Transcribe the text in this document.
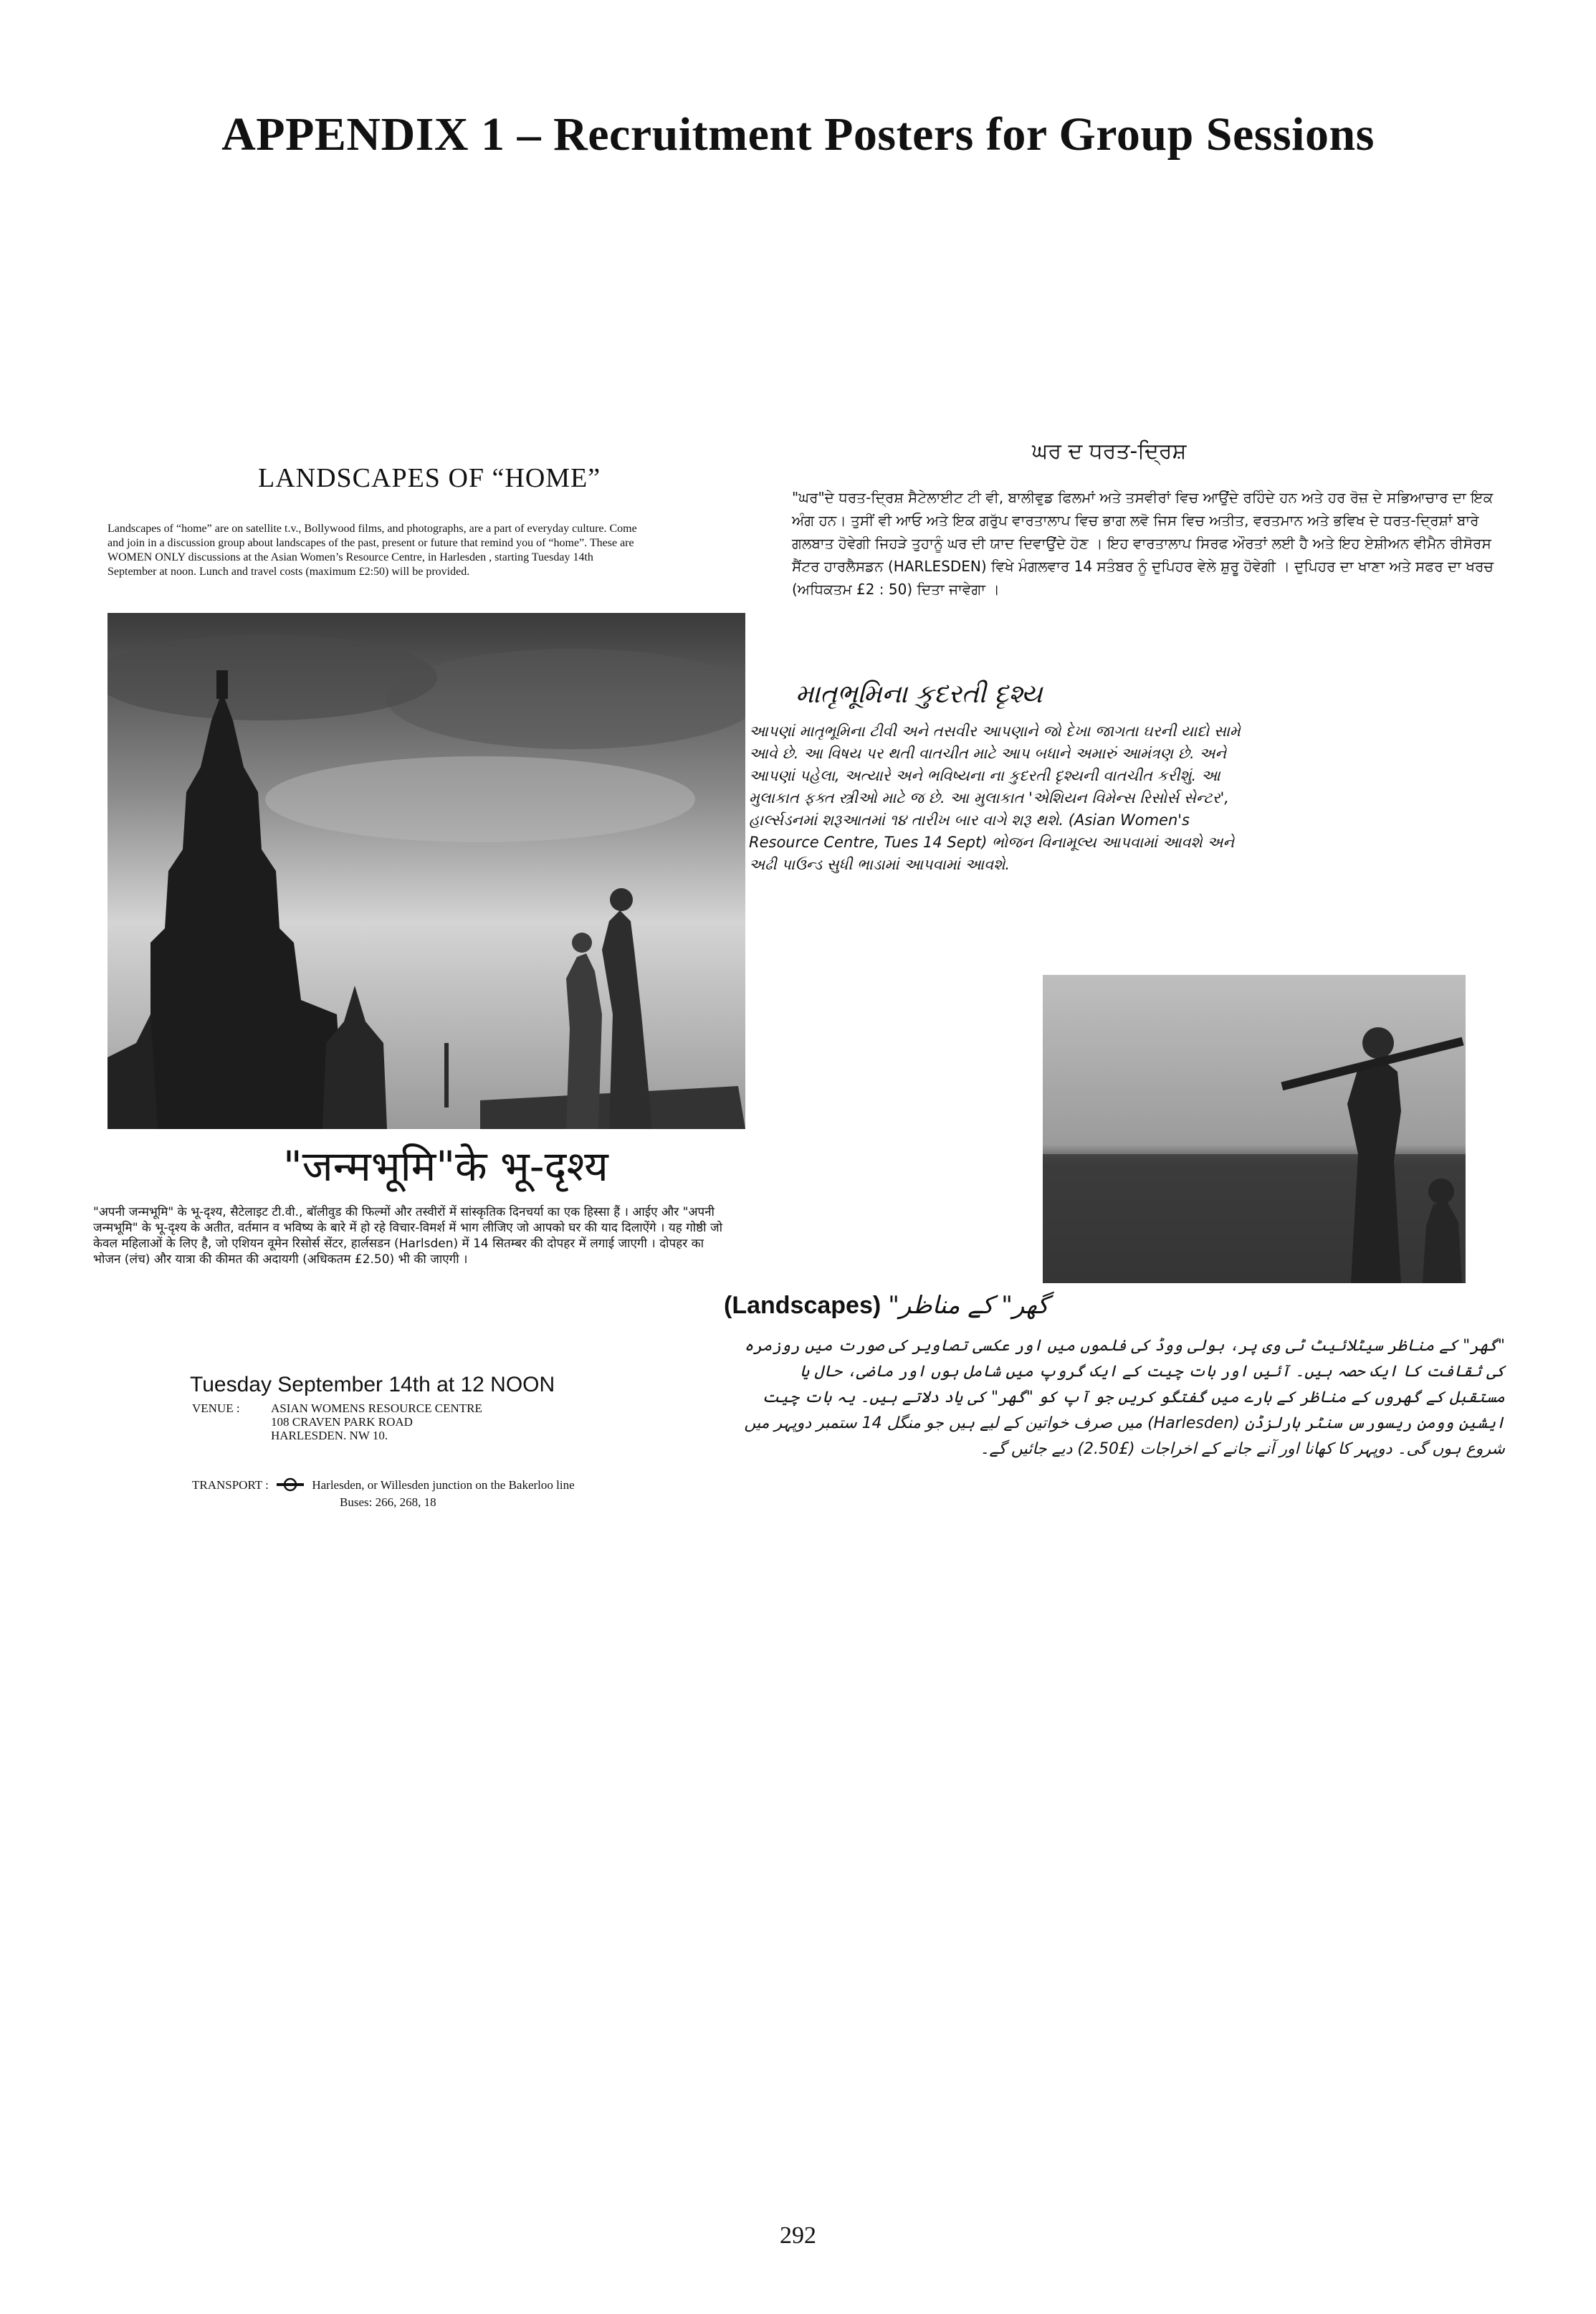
APPENDIX 1 – Recruitment Posters for Group Sessions
LANDSCAPES OF “HOME”
Landscapes of “home” are on satellite t.v., Bollywood films, and photographs, are a part of everyday culture. Come and join in a discussion group about landscapes of the past, present or future that remind you of “home”. These are WOMEN ONLY discussions at the Asian Women’s Resource Centre, in Harlesden , starting Tuesday 14th September at noon. Lunch and travel costs (maximum £2:50) will be provided.
"जन्मभूमि"के भू-दृश्य
"अपनी जन्मभूमि" के भू-दृश्य, सैटेलाइट टी.वी., बॉलीवुड की फिल्मों और तस्वीरों में सांस्कृतिक दिनचर्या का एक हिस्सा हैं । आईए और "अपनी जन्मभूमि" के भू-दृश्य के अतीत, वर्तमान व भविष्य के बारे में हो रहे विचार-विमर्श में भाग लीजिए जो आपको घर की याद दिलाऐंगे । यह गोष्ठी जो केवल महिलाओं के लिए है, जो एशियन वूमेन रिसोर्स सेंटर, हार्लसडन (Harlsden) में 14 सितम्बर की दोपहर में लगाई जाएगी । दोपहर का भोजन (लंच) और यात्रा की कीमत की अदायगी (अधिकतम £2.50) भी की जाएगी ।
Tuesday September 14th at 12 NOON
VENUE :	ASIAN WOMENS RESOURCE CENTRE
108 CRAVEN PARK ROAD
HARLESDEN. NW 10.
TRANSPORT :	Harlesden, or Willesden junction on the Bakerloo line
Buses: 266, 268, 18
ਘਰ ਦ ਧਰਤ-ਦ੍ਰਿਸ਼
"ਘਰ"ਦੇ ਧਰਤ-ਦ੍ਰਿਸ਼ ਸੈਟੇਲਾਈਟ ਟੀ ਵੀ, ਬਾਲੀਵੁਡ ਫਿਲਮਾਂ ਅਤੇ ਤਸਵੀਰਾਂ ਵਿਚ ਆਉਂਦੇ ਰਹਿੰਦੇ ਹਨ ਅਤੇ ਹਰ ਰੋਜ਼ ਦੇ ਸਭਿਆਚਾਰ ਦਾ ਇਕ ਅੰਗ ਹਨ। ਤੁਸੀਂ ਵੀ ਆਓ ਅਤੇ ਇਕ ਗਰੁੱਪ ਵਾਰਤਾਲਾਪ ਵਿਚ ਭਾਗ ਲਵੋ ਜਿਸ ਵਿਚ ਅਤੀਤ, ਵਰਤਮਾਨ ਅਤੇ ਭਵਿਖ ਦੇ ਧਰਤ-ਦ੍ਰਿਸ਼ਾਂ ਬਾਰੇ ਗਲਬਾਤ ਹੋਵੇਗੀ ਜਿਹੜੇ ਤੁਹਾਨੂੰ ਘਰ ਦੀ ਯਾਦ ਦਿਵਾਉਂਦੇ ਹੋਣ । ਇਹ ਵਾਰਤਾਲਾਪ ਸਿਰਫ ਔਰਤਾਂ ਲਈ ਹੈ ਅਤੇ ਇਹ ਏਸ਼ੀਅਨ ਵੀਮੈਨ ਰੀਸੋਰਸ ਸੈਂਟਰ ਹਾਰਲੈਸਡਨ (HARLESDEN) ਵਿਖੇ ਮੰਗਲਵਾਰ 14 ਸਤੰਬਰ ਨੂੰ ਦੁਪਿਹਰ ਵੇਲੇ ਸ਼ੁਰੂ ਹੋਵੇਗੀ । ਦੁਪਿਹਰ ਦਾ ਖਾਣਾ ਅਤੇ ਸਫਰ ਦਾ ਖਰਚ (ਅਧਿਕਤਮ £2 : 50) ਦਿਤਾ ਜਾਵੇਗਾ ।
માતૃભૂમિના કુદરતી દૃશ્ય
આપણાં માતૃભૂમિના ટીવી અને તસવીર આપણાને જો દેખા જાગતા ઘરની યાદો સામે આવે છે. આ વિષય પર થતી વાતચીત માટે આપ બધાને અમારું આમંત્રણ છે. અને આપણાં પહેલા, અત્યારે અને ભવિષ્યના ના કુદરતી દૃશ્યની વાતચીત કરીશું. આ મુલાકાત ફક્ત સ્ત્રીઓ માટે જ છે. આ મુલાકાત 'એશિયન વિમેન્સ રિસોર્સ સેન્ટર', હાર્લ્સડનમાં શરૂઆતમાં ૧૪ તારીખ બાર વાગે શરૂ થશે. (Asian Women's Resource Centre, Tues 14 Sept) ભોજન વિનામૂલ્ય આપવામાં આવશે અને અઢી પાઉન્ડ સુધી ભાડામાં આપવામાં આવશે.
(Landscapes) "گھر" کے مناظر
"گھر" کے مناظر سیٹلائیٹ ٹی وی پر، بولی ووڈ کی فلموں میں اور عکسی تصاویر کی صورت میں روزمرہ کی ثقافت کا ایک حصہ ہیں۔ آئیں اور بات چیت کے ایک گروپ میں شامل ہوں اور ماضی، حال یا مستقبل کے گھروں کے مناظر کے بارے میں گفتگو کریں جو آپ کو "گھر" کی یاد دلاتے ہیں۔ یہ بات چیت ایشین وومن ریسورس سنٹر ہارلزڈن (Harlesden) میں صرف خواتین کے لیے ہیں جو منگل 14 ستمبر دوپہر میں شروع ہوں گی۔ دوپہر کا کھانا اور آنے جانے کے اخراجات (£2.50) دیے جائیں گے۔
292
